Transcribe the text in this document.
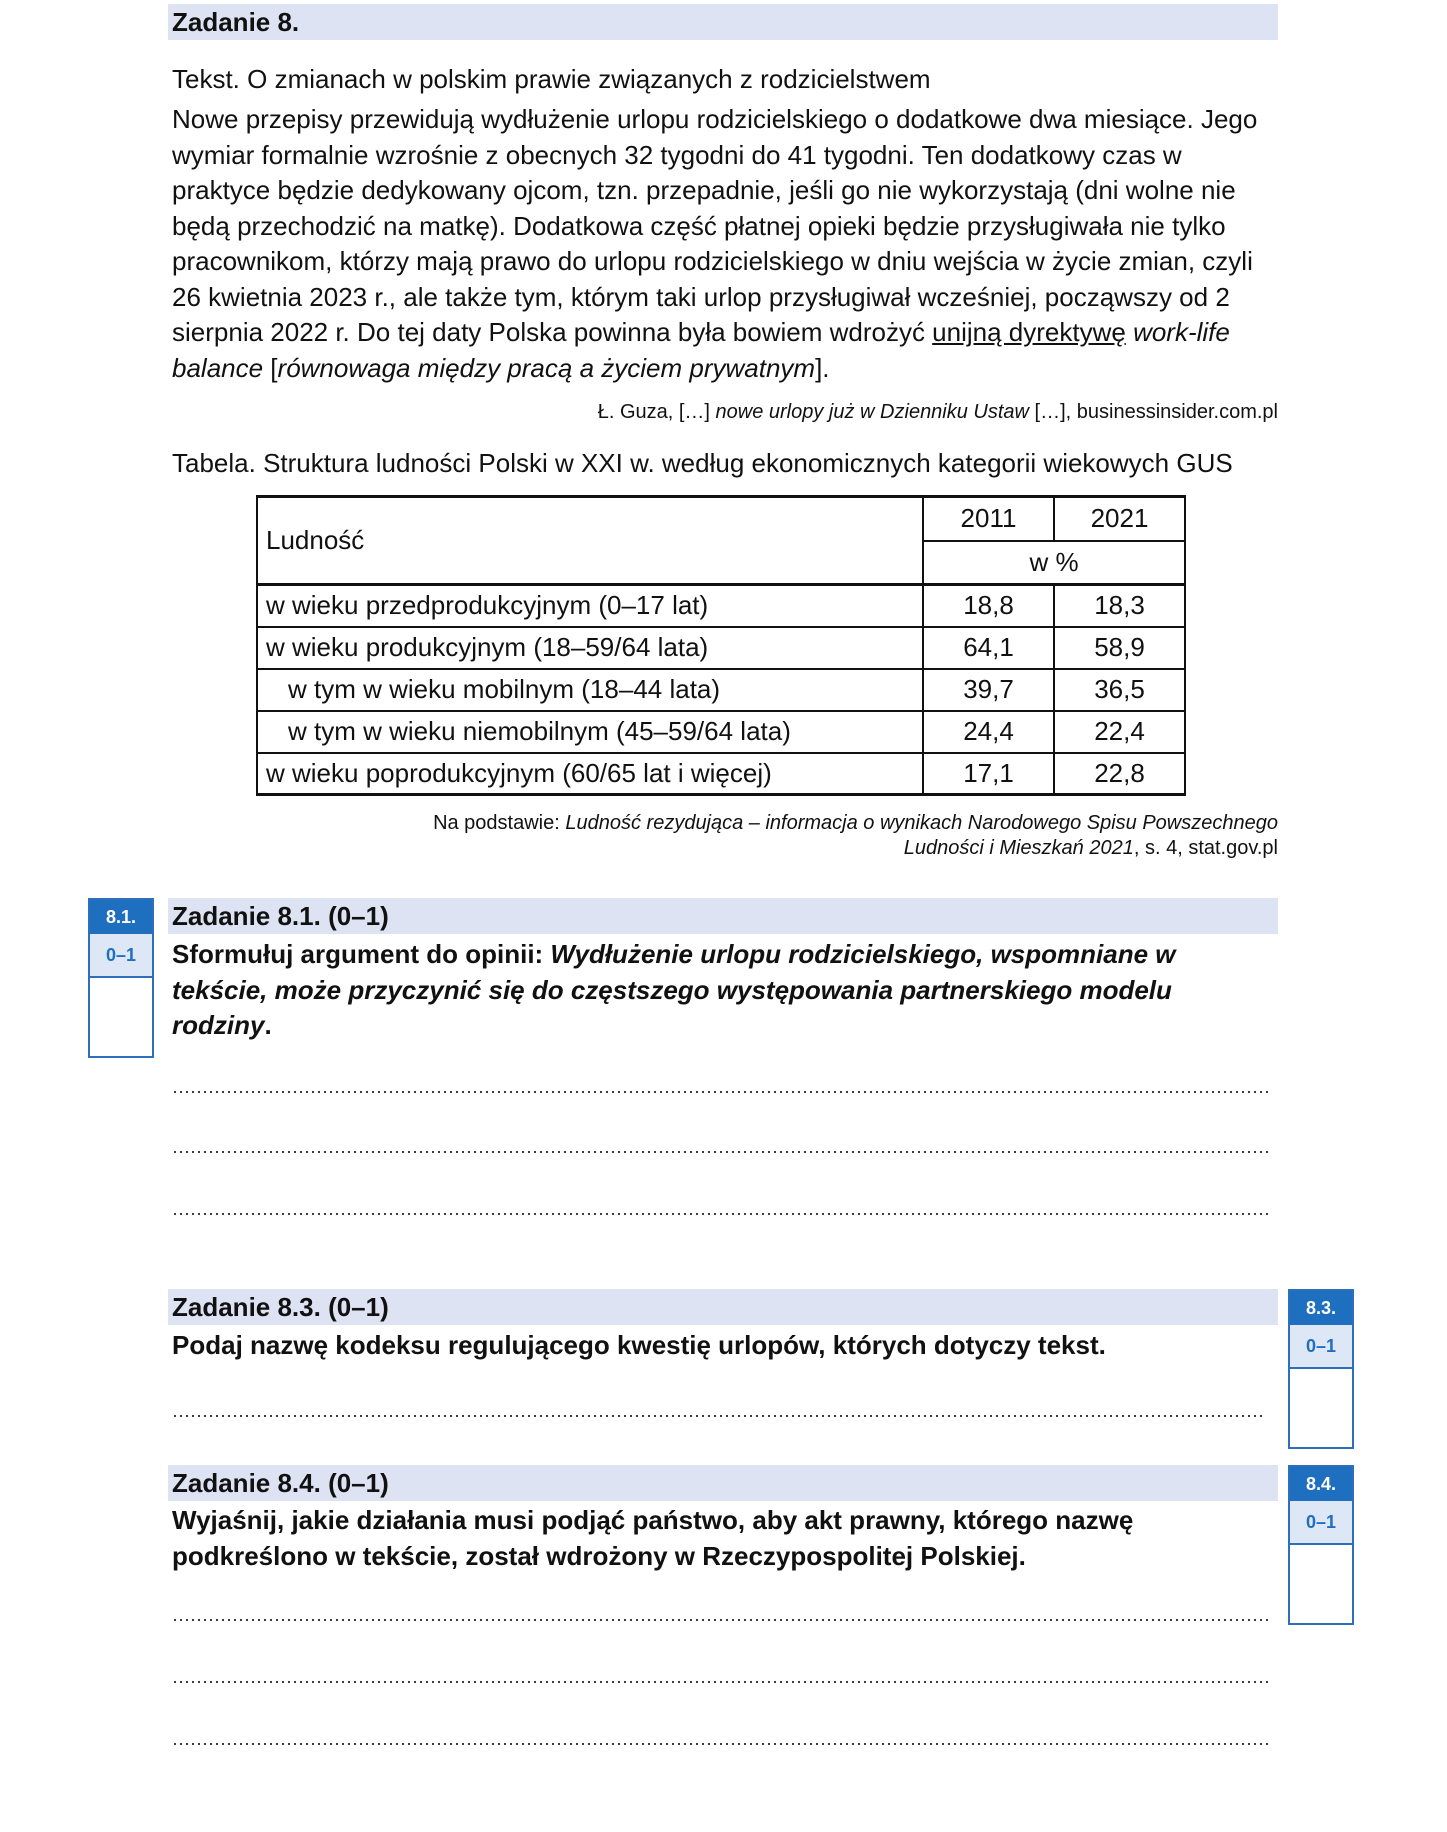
Zadanie 8.
Tekst. O zmianach w polskim prawie związanych z rodzicielstwem

Nowe przepisy przewidują wydłużenie urlopu rodzicielskiego o dodatkowe dwa miesiące. Jego wymiar formalnie wzrośnie z obecnych 32 tygodni do 41 tygodni. Ten dodatkowy czas w praktyce będzie dedykowany ojcom, tzn. przepadnie, jeśli go nie wykorzystają (dni wolne nie będą przechodzić na matkę). Dodatkowa część płatnej opieki będzie przysługiwała nie tylko pracownikom, którzy mają prawo do urlopu rodzicielskiego w dniu wejścia w życie zmian, czyli 26 kwietnia 2023 r., ale także tym, którym taki urlop przysługiwał wcześniej, począwszy od 2 sierpnia 2022 r. Do tej daty Polska powinna była bowiem wdrożyć unijną dyrektywę work-life balance [równowaga między pracą a życiem prywatnym].

Ł. Guza, […] nowe urlopy już w Dzienniku Ustaw […], businessinsider.com.pl
Tabela. Struktura ludności Polski w XXI w. według ekonomicznych kategorii wiekowych GUS
Ludność	2011	2021
	w %	
w wieku przedprodukcyjnym (0–17 lat)	18,8	18,3
w wieku produkcyjnym (18–59/64 lata)	64,1	58,9
w tym w wieku mobilnym (18–44 lata)	39,7	36,5
w tym w wieku niemobilnym (45–59/64 lata)	24,4	22,4
w wieku poprodukcyjnym (60/65 lat i więcej)	17,1	22,8
Na podstawie: Ludność rezydująca – informacja o wynikach Narodowego Spisu Powszechnego
Ludności i Mieszkań 2021, s. 4, stat.gov.pl
8.1.
0–1
Zadanie 8.1. (0–1)
Sformułuj argument do opinii: Wydłużenie urlopu rodzicielskiego, wspomniane w tekście, może przyczynić się do częstszego występowania partnerskiego modelu rodziny.
Zadanie 8.3. (0–1)	8.3.
0–1
Podaj nazwę kodeksu regulującego kwestię urlopów, których dotyczy tekst.
Zadanie 8.4. (0–1)	8.4.
0–1
Wyjaśnij, jakie działania musi podjąć państwo, aby akt prawny, którego nazwę podkreślono w tekście, został wdrożony w Rzeczypospolitej Polskiej.
